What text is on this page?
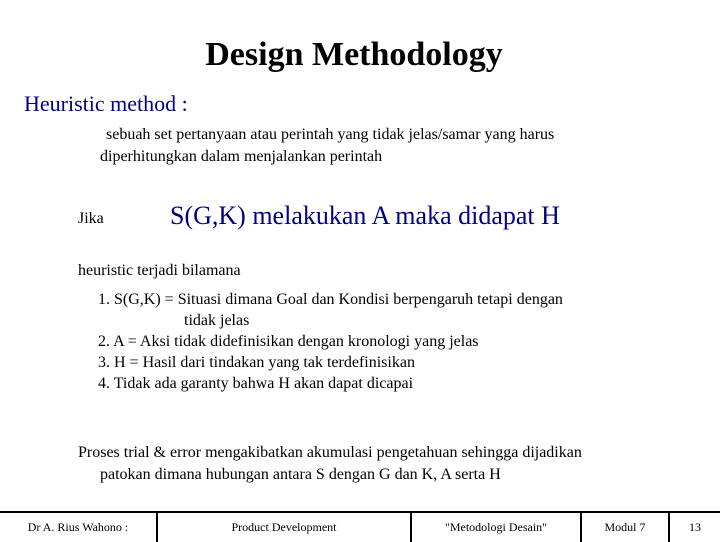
Design Methodology
Heuristic method :
sebuah set pertanyaan atau perintah yang tidak jelas/samar yang harus diperhitungkan dalam menjalankan perintah
Jika	S(G,K) melakukan A maka didapat H
heuristic terjadi bilamana
1. S(G,K) = Situasi dimana Goal dan Kondisi berpengaruh tetapi dengan
tidak jelas
2. A = Aksi tidak didefinisikan dengan kronologi yang jelas
3. H = Hasil dari tindakan yang tak terdefinisikan
4. Tidak ada garanty bahwa H akan dapat dicapai
Proses trial & error mengakibatkan akumulasi pengetahuan sehingga dijadikan
patokan dimana hubungan antara S dengan G dan K, A serta H
Dr A. Rius Wahono :	Product Development	"Metodologi Desain"	Modul 7	13
